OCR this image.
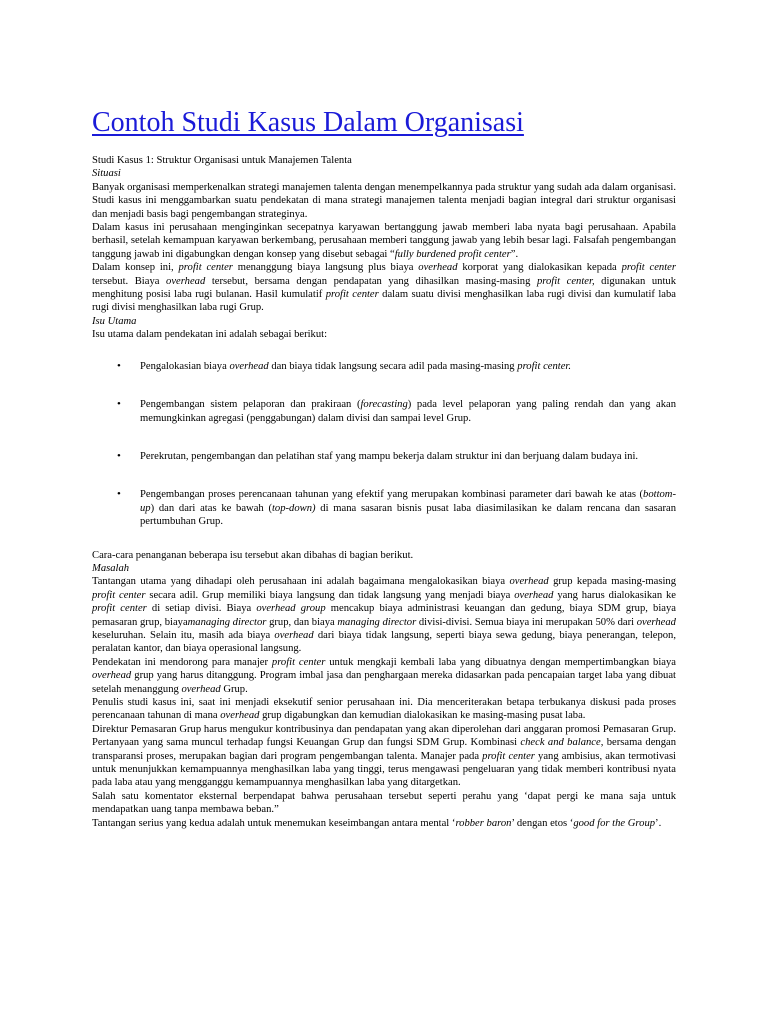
Contoh Studi Kasus Dalam Organisasi

Studi Kasus 1: Struktur Organisasi untuk Manajemen Talenta

Situasi

Banyak organisasi memperkenalkan strategi manajemen talenta dengan menempelkannya pada struktur yang sudah ada dalam organisasi. Studi kasus ini menggambarkan suatu pendekatan di mana strategi manajemen talenta menjadi bagian integral dari struktur organisasi dan menjadi basis bagi pengembangan strateginya.

Dalam kasus ini perusahaan menginginkan secepatnya karyawan bertanggung jawab memberi laba nyata bagi perusahaan. Apabila berhasil, setelah kemampuan karyawan berkembang, perusahaan memberi tanggung jawab yang lebih besar lagi. Falsafah pengembangan tanggung jawab ini digabungkan dengan konsep yang disebut sebagai “fully burdened profit center”.

Dalam konsep ini, profit center menanggung biaya langsung plus biaya overhead korporat yang dialokasikan kepada profit center tersebut. Biaya overhead tersebut, bersama dengan pendapatan yang dihasilkan masing-masing profit center, digunakan untuk menghitung posisi laba rugi bulanan. Hasil kumulatif profit center dalam suatu divisi menghasilkan laba rugi divisi dan kumulatif laba rugi divisi menghasilkan laba rugi Grup.

Isu Utama

Isu utama dalam pendekatan ini adalah sebagai berikut:

• Pengalokasian biaya overhead dan biaya tidak langsung secara adil pada masing-masing profit center.
• Pengembangan sistem pelaporan dan prakiraan (forecasting) pada level pelaporan yang paling rendah dan yang akan memungkinkan agregasi (penggabungan) dalam divisi dan sampai level Grup.
• Perekrutan, pengembangan dan pelatihan staf yang mampu bekerja dalam struktur ini dan berjuang dalam budaya ini.
• Pengembangan proses perencanaan tahunan yang efektif yang merupakan kombinasi parameter dari bawah ke atas (bottom-up) dan dari atas ke bawah (top-down) di mana sasaran bisnis pusat laba diasimilasikan ke dalam rencana dan sasaran pertumbuhan Grup.

Cara-cara penanganan beberapa isu tersebut akan dibahas di bagian berikut.

Masalah

Tantangan utama yang dihadapi oleh perusahaan ini adalah bagaimana mengalokasikan biaya overhead grup kepada masing-masing profit center secara adil. Grup memiliki biaya langsung dan tidak langsung yang menjadi biaya overhead yang harus dialokasikan ke profit center di setiap divisi. Biaya overhead group mencakup biaya administrasi keuangan dan gedung, biaya SDM grup, biaya pemasaran grup, biayamanaging director grup, dan biaya managing director divisi-divisi. Semua biaya ini merupakan 50% dari overhead keseluruhan. Selain itu, masih ada biaya overhead dari biaya tidak langsung, seperti biaya sewa gedung, biaya penerangan, telepon, peralatan kantor, dan biaya operasional langsung.

Pendekatan ini mendorong para manajer profit center untuk mengkaji kembali laba yang dibuatnya dengan mempertimbangkan biaya overhead grup yang harus ditanggung. Program imbal jasa dan penghargaan mereka didasarkan pada pencapaian target laba yang dibuat setelah menanggung overhead Grup.

Penulis studi kasus ini, saat ini menjadi eksekutif senior perusahaan ini. Dia menceriterakan betapa terbukanya diskusi pada proses perencanaan tahunan di mana overhead grup digabungkan dan kemudian dialokasikan ke masing-masing pusat laba.

Direktur Pemasaran Grup harus mengukur kontribusinya dan pendapatan yang akan diperolehan dari anggaran promosi Pemasaran Grup. Pertanyaan yang sama muncul terhadap fungsi Keuangan Grup dan fungsi SDM Grup. Kombinasi check and balance, bersama dengan transparansi proses, merupakan bagian dari program pengembangan talenta. Manajer pada profit center yang ambisius, akan termotivasi untuk menunjukkan kemampuannya menghasilkan laba yang tinggi, terus mengawasi pengeluaran yang tidak memberi kontribusi nyata pada laba atau yang mengganggu kemampuannya menghasilkan laba yang ditargetkan.

Salah satu komentator eksternal berpendapat bahwa perusahaan tersebut seperti perahu yang ‘dapat pergi ke mana saja untuk mendapatkan uang tanpa membawa beban.”

Tantangan serius yang kedua adalah untuk menemukan keseimbangan antara mental ‘robber baron’ dengan etos ‘good for the Group’.
